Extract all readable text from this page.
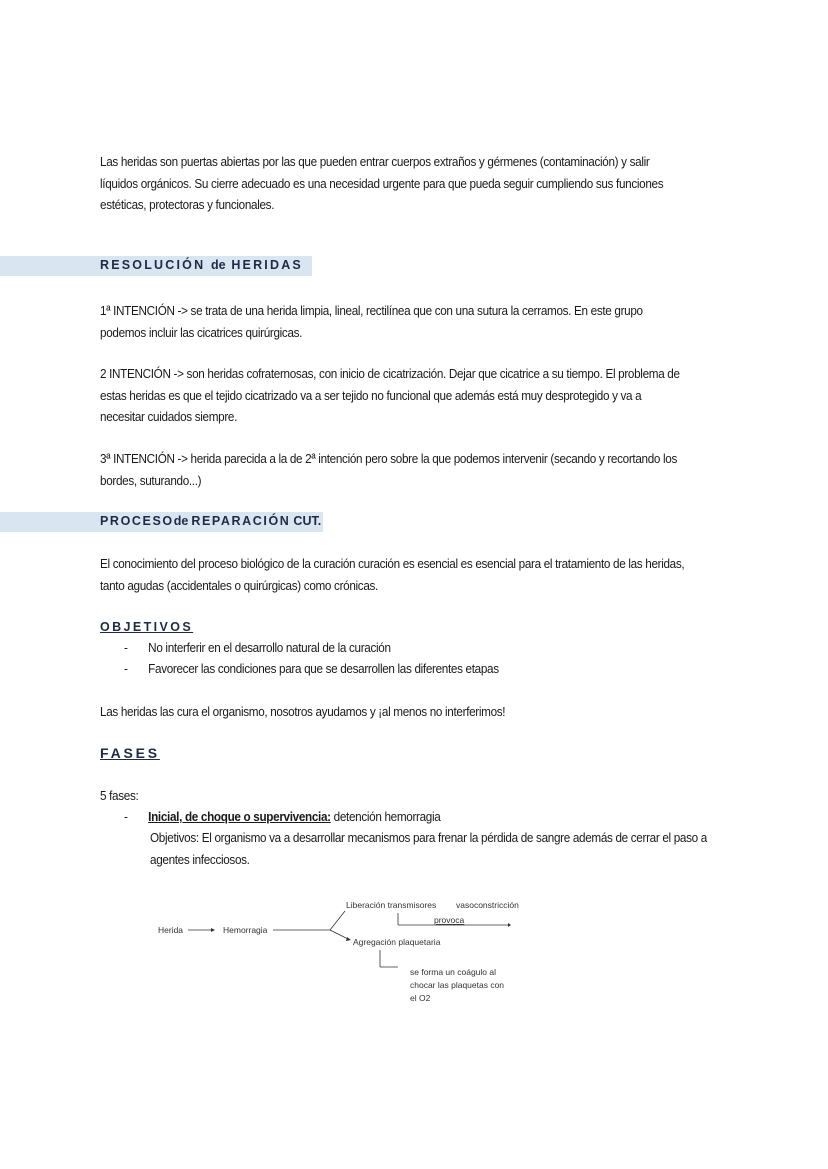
Las heridas son puertas abiertas por las que pueden entrar cuerpos extraños y gérmenes (contaminación) y salir líquidos orgánicos. Su cierre adecuado es una necesidad urgente para que pueda seguir cumpliendo sus funciones estéticas, protectoras y funcionales.
RESOLUCIÓN de HERIDAS
1ª INTENCIÓN -> se trata de una herida limpia, lineal, rectilínea que con una sutura la cerramos. En este grupo podemos incluir las cicatrices quirúrgicas.
2 INTENCIÓN -> son heridas cofraternosas, con inicio de cicatrización. Dejar que cicatrice a su tiempo. El problema de estas heridas es que el tejido cicatrizado va a ser tejido no funcional que además está muy desprotegido y va a necesitar cuidados siempre.
3ª INTENCIÓN -> herida parecida a la de 2ª intención pero sobre la que podemos intervenir (secando y recortando los bordes, suturando...)
PROCESOde REPARACIÓN CUT.
El conocimiento del proceso biológico de la curación curación es esencial es esencial para el tratamiento de las heridas, tanto agudas (accidentales o quirúrgicas) como crónicas.
OBJETIVOS
- No interferir en el desarrollo natural de la curación
- Favorecer las condiciones para que se desarrollen las diferentes etapas
Las heridas las cura el organismo, nosotros ayudamos y ¡al menos no interferimos!
FASES
5 fases:
- Inicial, de choque o supervivencia: detención hemorragia
Objetivos: El organismo va a desarrollar mecanismos para frenar la pérdida de sangre además de cerrar el paso a agentes infecciosos.
Herida	Hemorragia
Liberación transmisores vasoconstricción
provoca
Agregación plaquetaria
se forma un coágulo al
chocar las plaquetas con
el O2
